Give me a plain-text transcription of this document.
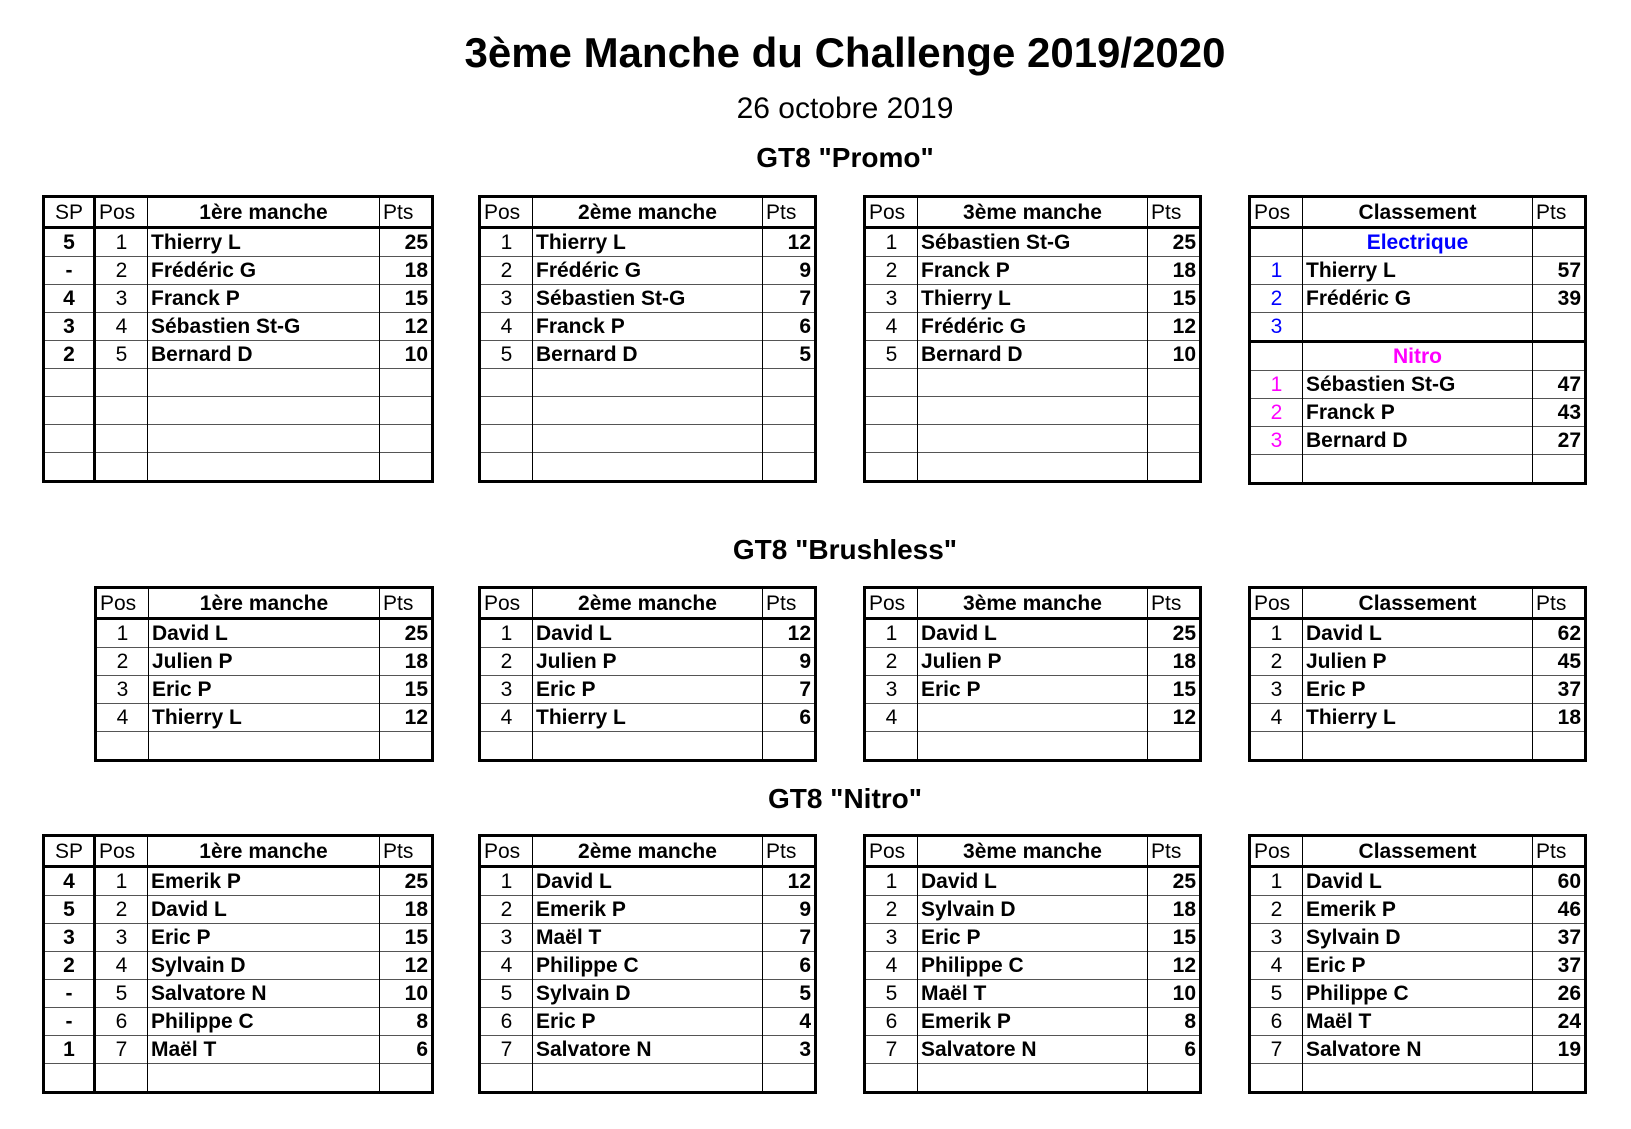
3ème Manche du Challenge 2019/2020
26 octobre 2019
GT8 "Promo"
SP	Pos	1ère manche	Pts
5	1	Thierry L	25
-	2	Frédéric G	18
4	3	Franck P	15
3	4	Sébastien St-G	12
2	5	Bernard D	10

Pos	2ème manche	Pts
1	Thierry L	12
2	Frédéric G	9
3	Sébastien St-G	7
4	Franck P	6
5	Bernard D	5

Pos	3ème manche	Pts
1	Sébastien St-G	25
2	Franck P	18
3	Thierry L	15
4	Frédéric G	12
5	Bernard D	10

Pos	Classement	Pts
	Electrique	
1	Thierry L	57
2	Frédéric G	39
3		
	Nitro	
1	Sébastien St-G	47
2	Franck P	43
3	Bernard D	27

GT8 "Brushless"
Pos	1ère manche	Pts
1	David L	25
2	Julien P	18
3	Eric P	15
4	Thierry L	12

Pos	2ème manche	Pts
1	David L	12
2	Julien P	9
3	Eric P	7
4	Thierry L	6

Pos	3ème manche	Pts
1	David L	25
2	Julien P	18
3	Eric P	15
4		12

Pos	Classement	Pts
1	David L	62
2	Julien P	45
3	Eric P	37
4	Thierry L	18

GT8 "Nitro"
SP	Pos	1ère manche	Pts
4	1	Emerik P	25
5	2	David L	18
3	3	Eric P	15
2	4	Sylvain D	12
-	5	Salvatore N	10
-	6	Philippe C	8
1	7	Maël T	6

Pos	2ème manche	Pts
1	David L	12
2	Emerik P	9
3	Maël T	7
4	Philippe C	6
5	Sylvain D	5
6	Eric P	4
7	Salvatore N	3

Pos	3ème manche	Pts
1	David L	25
2	Sylvain D	18
3	Eric P	15
4	Philippe C	12
5	Maël T	10
6	Emerik P	8
7	Salvatore N	6

Pos	Classement	Pts
1	David L	60
2	Emerik P	46
3	Sylvain D	37
4	Eric P	37
5	Philippe C	26
6	Maël T	24
7	Salvatore N	19
